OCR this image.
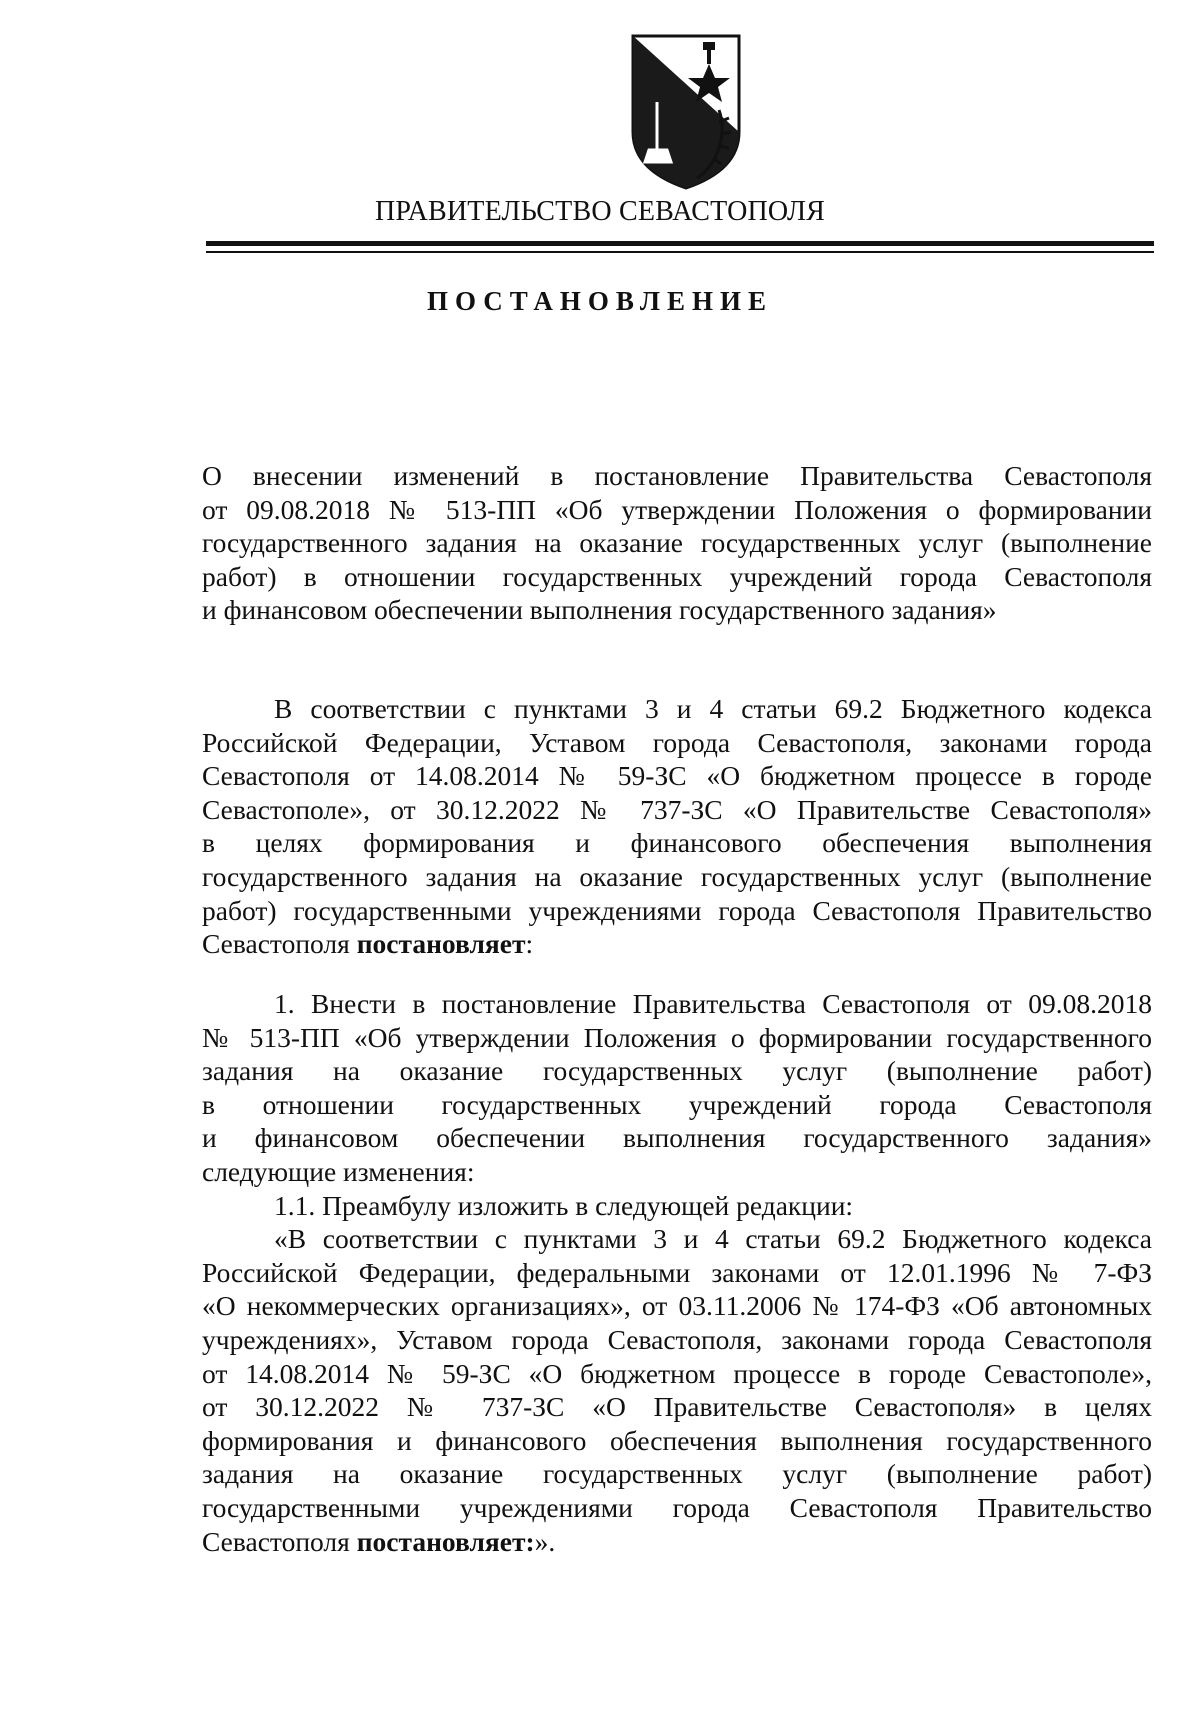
ПРАВИТЕЛЬСТВО СЕВАСТОПОЛЯ
ПОСТАНОВЛЕНИЕ
О внесении изменений в постановление Правительства Севастополя
от 09.08.2018 № 513-ПП «Об утверждении Положения о формировании
государственного задания на оказание государственных услуг (выполнение
работ) в отношении государственных учреждений города Севастополя
и финансовом обеспечении выполнения государственного задания»
В соответствии с пунктами 3 и 4 статьи 69.2 Бюджетного кодекса
Российской Федерации, Уставом города Севастополя, законами города
Севастополя от 14.08.2014 № 59-ЗС «О бюджетном процессе в городе
Севастополе», от 30.12.2022 № 737-ЗС «О Правительстве Севастополя»
в целях формирования и финансового обеспечения выполнения
государственного задания на оказание государственных услуг (выполнение
работ) государственными учреждениями города Севастополя Правительство
Севастополя постановляет:
1. Внести в постановление Правительства Севастополя от 09.08.2018
№ 513-ПП «Об утверждении Положения о формировании государственного
задания на оказание государственных услуг (выполнение работ)
в отношении государственных учреждений города Севастополя
и финансовом обеспечении выполнения государственного задания»
следующие изменения:
1.1. Преамбулу изложить в следующей редакции:
«В соответствии с пунктами 3 и 4 статьи 69.2 Бюджетного кодекса
Российской Федерации, федеральными законами от 12.01.1996 № 7-ФЗ
«О некоммерческих организациях», от 03.11.2006 № 174-ФЗ «Об автономных
учреждениях», Уставом города Севастополя, законами города Севастополя
от 14.08.2014 № 59-ЗС «О бюджетном процессе в городе Севастополе»,
от 30.12.2022 № 737-ЗС «О Правительстве Севастополя» в целях
формирования и финансового обеспечения выполнения государственного
задания на оказание государственных услуг (выполнение работ)
государственными учреждениями города Севастополя Правительство
Севастополя постановляет:».
